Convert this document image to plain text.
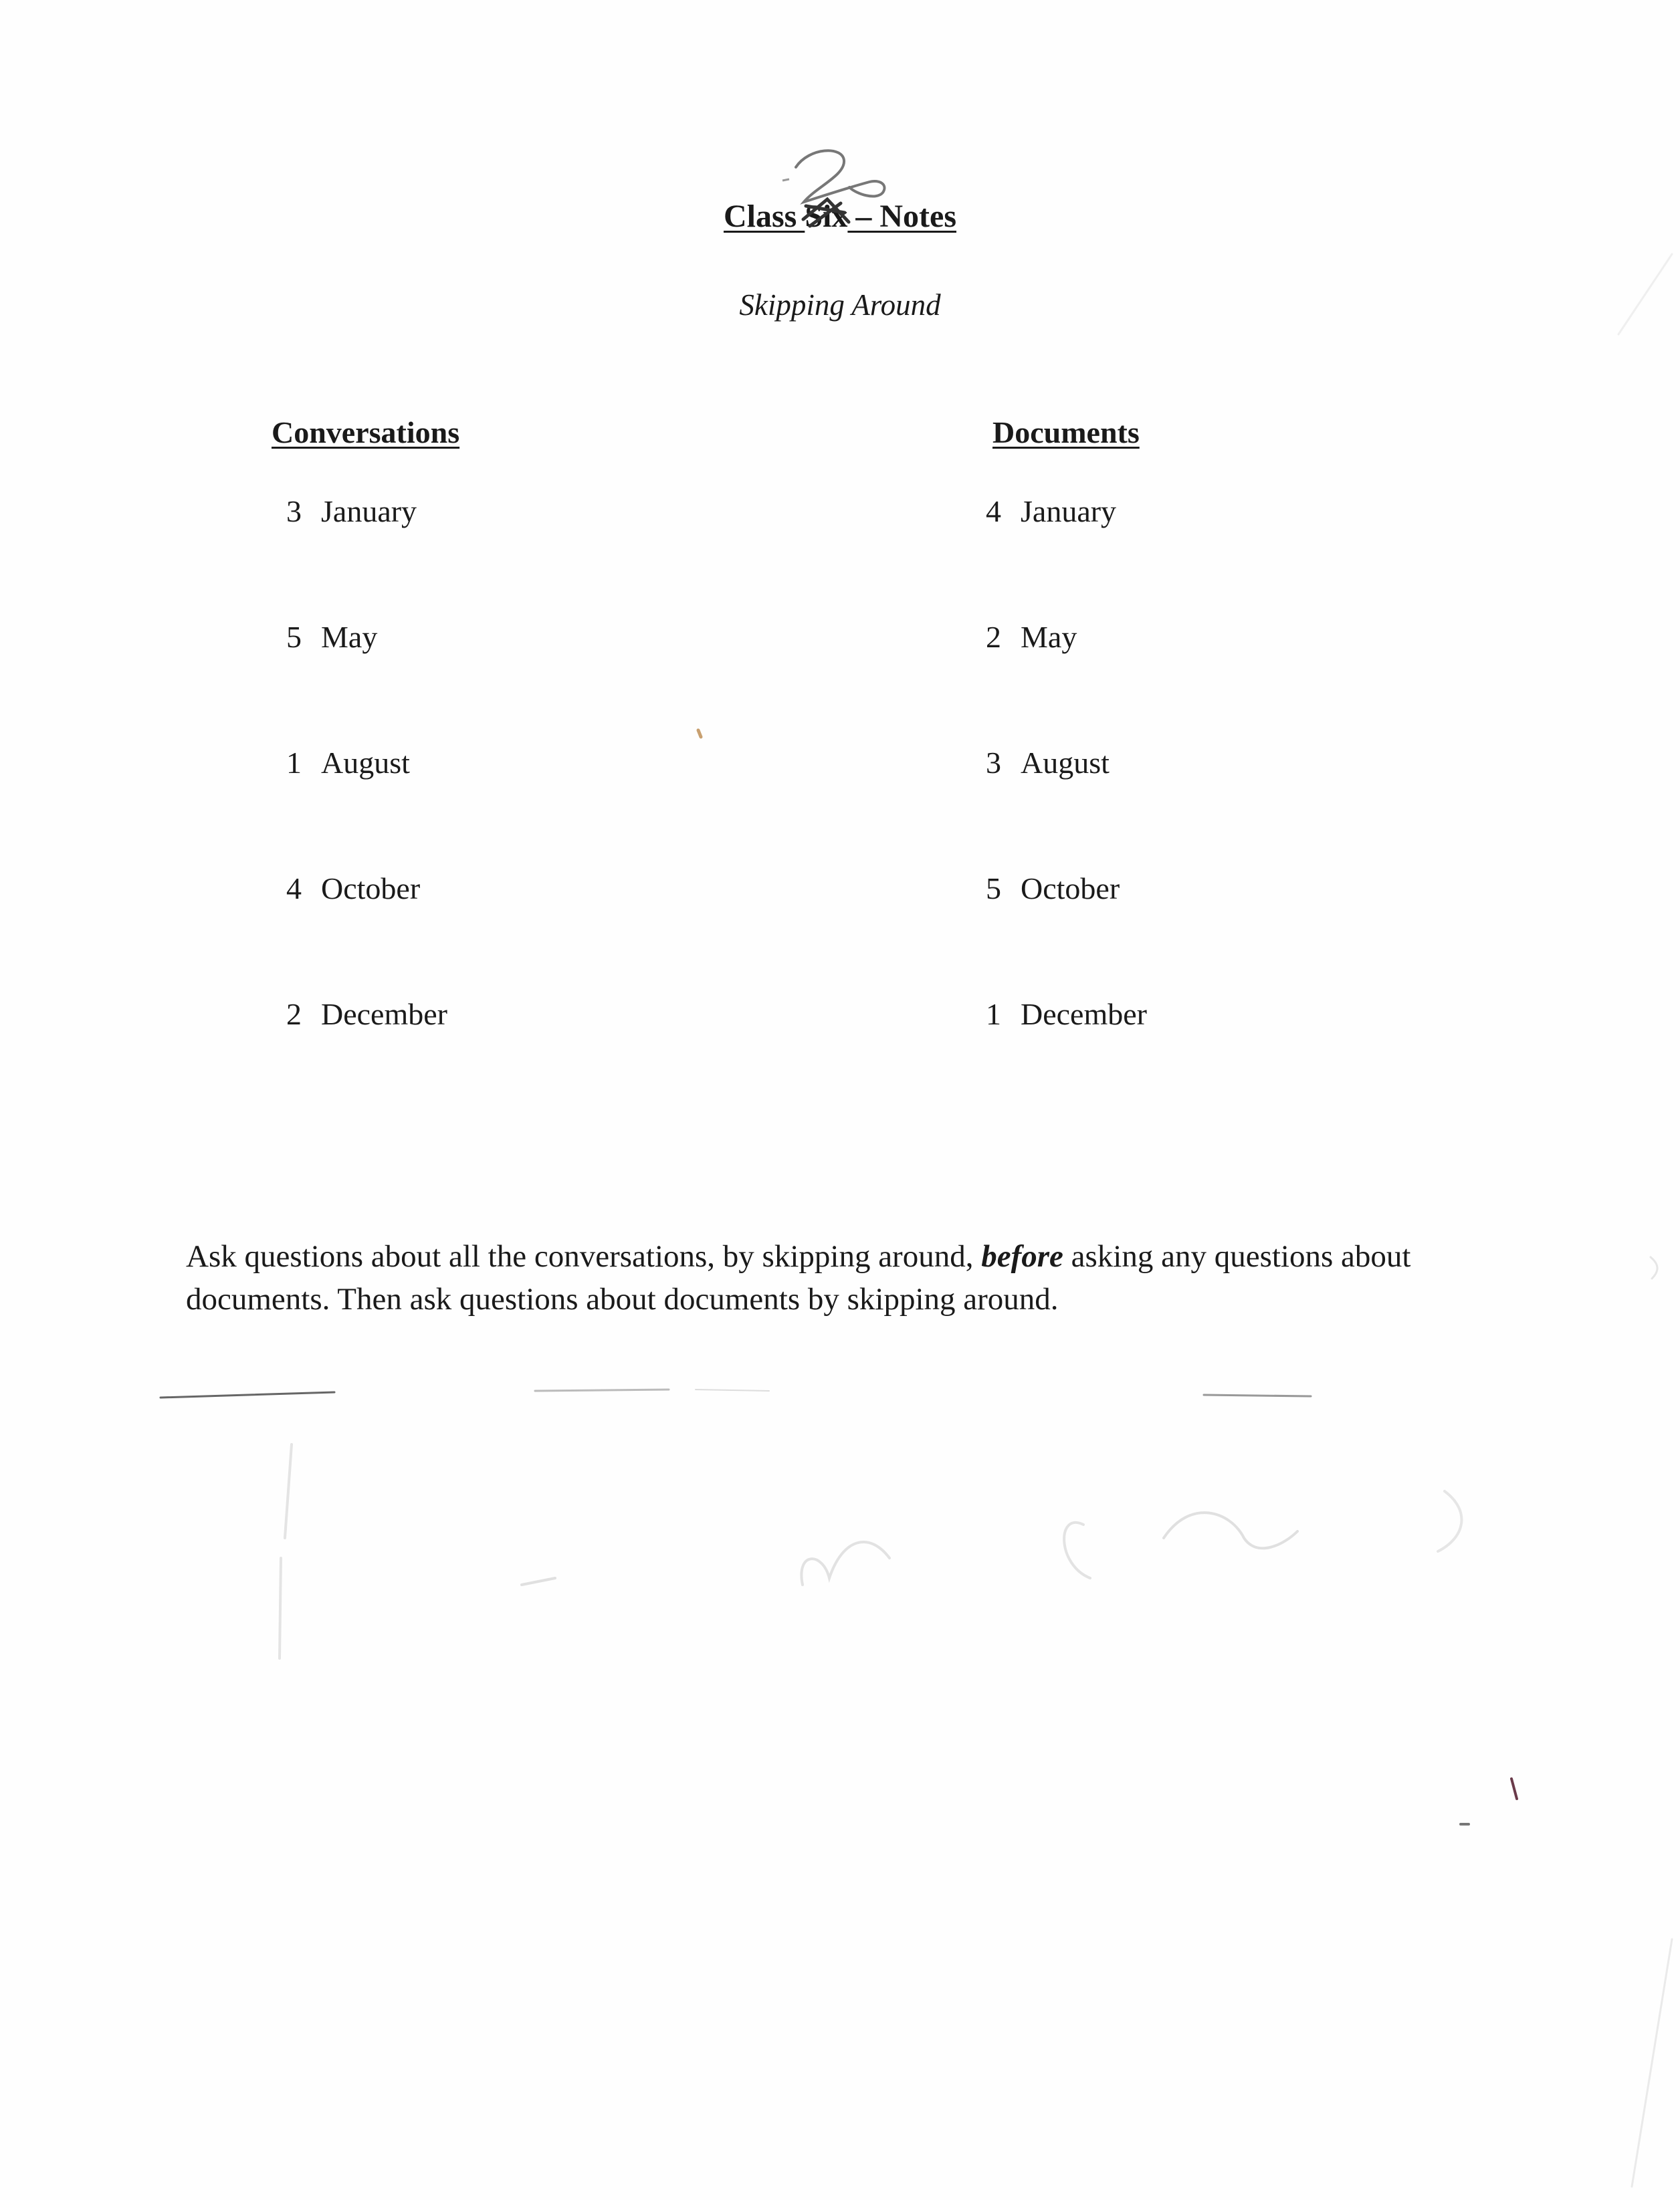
Class Six
– Notes
Skipping Around
Conversations	Documents
3 January
5 May
1 August
4 October
2 December
4 January
2 May
3 August
5 October
1 December

Ask questions about all the conversations, by skipping around, before asking any questions about documents. Then ask questions about documents by skipping around.
